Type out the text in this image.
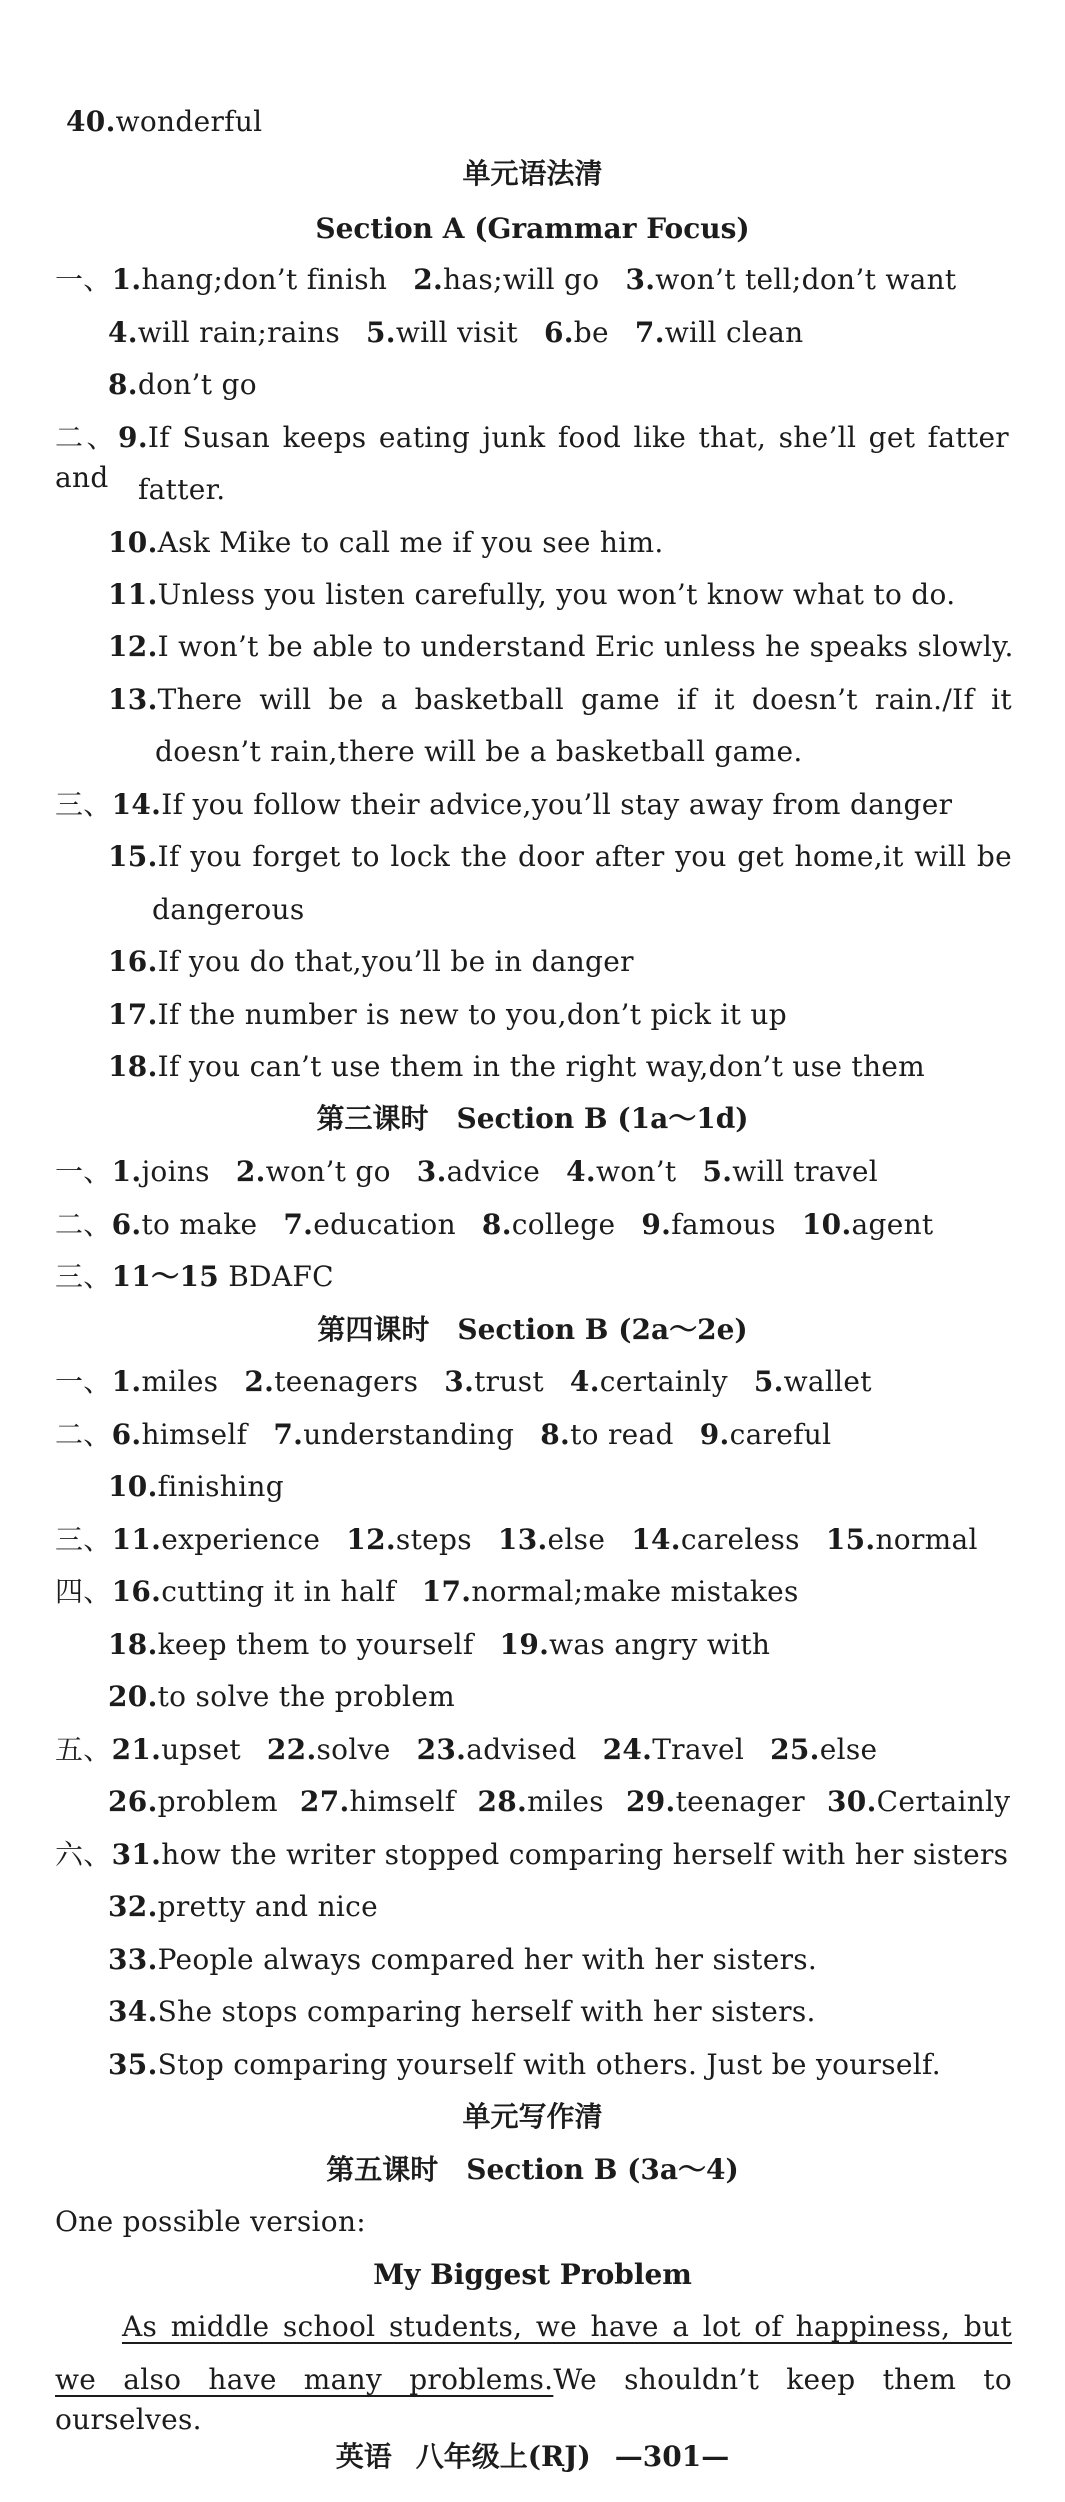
40.wonderful
单元语法清
Section A (Grammar Focus)
一、1.hang;don’t finish 2.has;will go 3.won’t tell;don’t want
4.will rain;rains 5.will visit 6.be 7.will clean
8.don’t go
二、9.If Susan keeps eating junk food like that, she’ll get fatter and	fatter.
10.Ask Mike to call me if you see him.
11.Unless you listen carefully, you won’t know what to do.
12.I won’t be able to understand Eric unless he speaks slowly.
13.There will be a basketball game if it doesn’t rain./If it
doesn’t rain,there will be a basketball game.
三、14.If you follow their advice,you’ll stay away from danger
15.If you forget to lock the door after you get home,it will be
dangerous
16.If you do that,you’ll be in danger
17.If the number is new to you,don’t pick it up
18.If you can’t use them in the right way,don’t use them
第三课时 Section B (1a～1d)
一、1.joins 2.won’t go 3.advice 4.won’t 5.will travel
二、6.to make 7.education 8.college 9.famous 10.agent
三、11～15 BDAFC
第四课时 Section B (2a～2e)
一、1.miles 2.teenagers 3.trust 4.certainly 5.wallet
二、6.himself 7.understanding 8.to read 9.careful
10.finishing
三、11.experience 12.steps 13.else 14.careless 15.normal
四、16.cutting it in half 17.normal;make mistakes
18.keep them to yourself 19.was angry with
20.to solve the problem
五、21.upset 22.solve 23.advised 24.Travel 25.else
26.problem 27.himself 28.miles 29.teenager 30.Certainly
六、31.how the writer stopped comparing herself with her sisters
32.pretty and nice
33.People always compared her with her sisters.
34.She stops comparing herself with her sisters.
35.Stop comparing yourself with others. Just be yourself.
单元写作清
第五课时 Section B (3a～4)
One possible version:
My Biggest Problem
As middle school students, we have a lot of happiness, but
we also have many problems.We shouldn’t keep them to ourselves.
英语 八年级上(RJ) —301—
